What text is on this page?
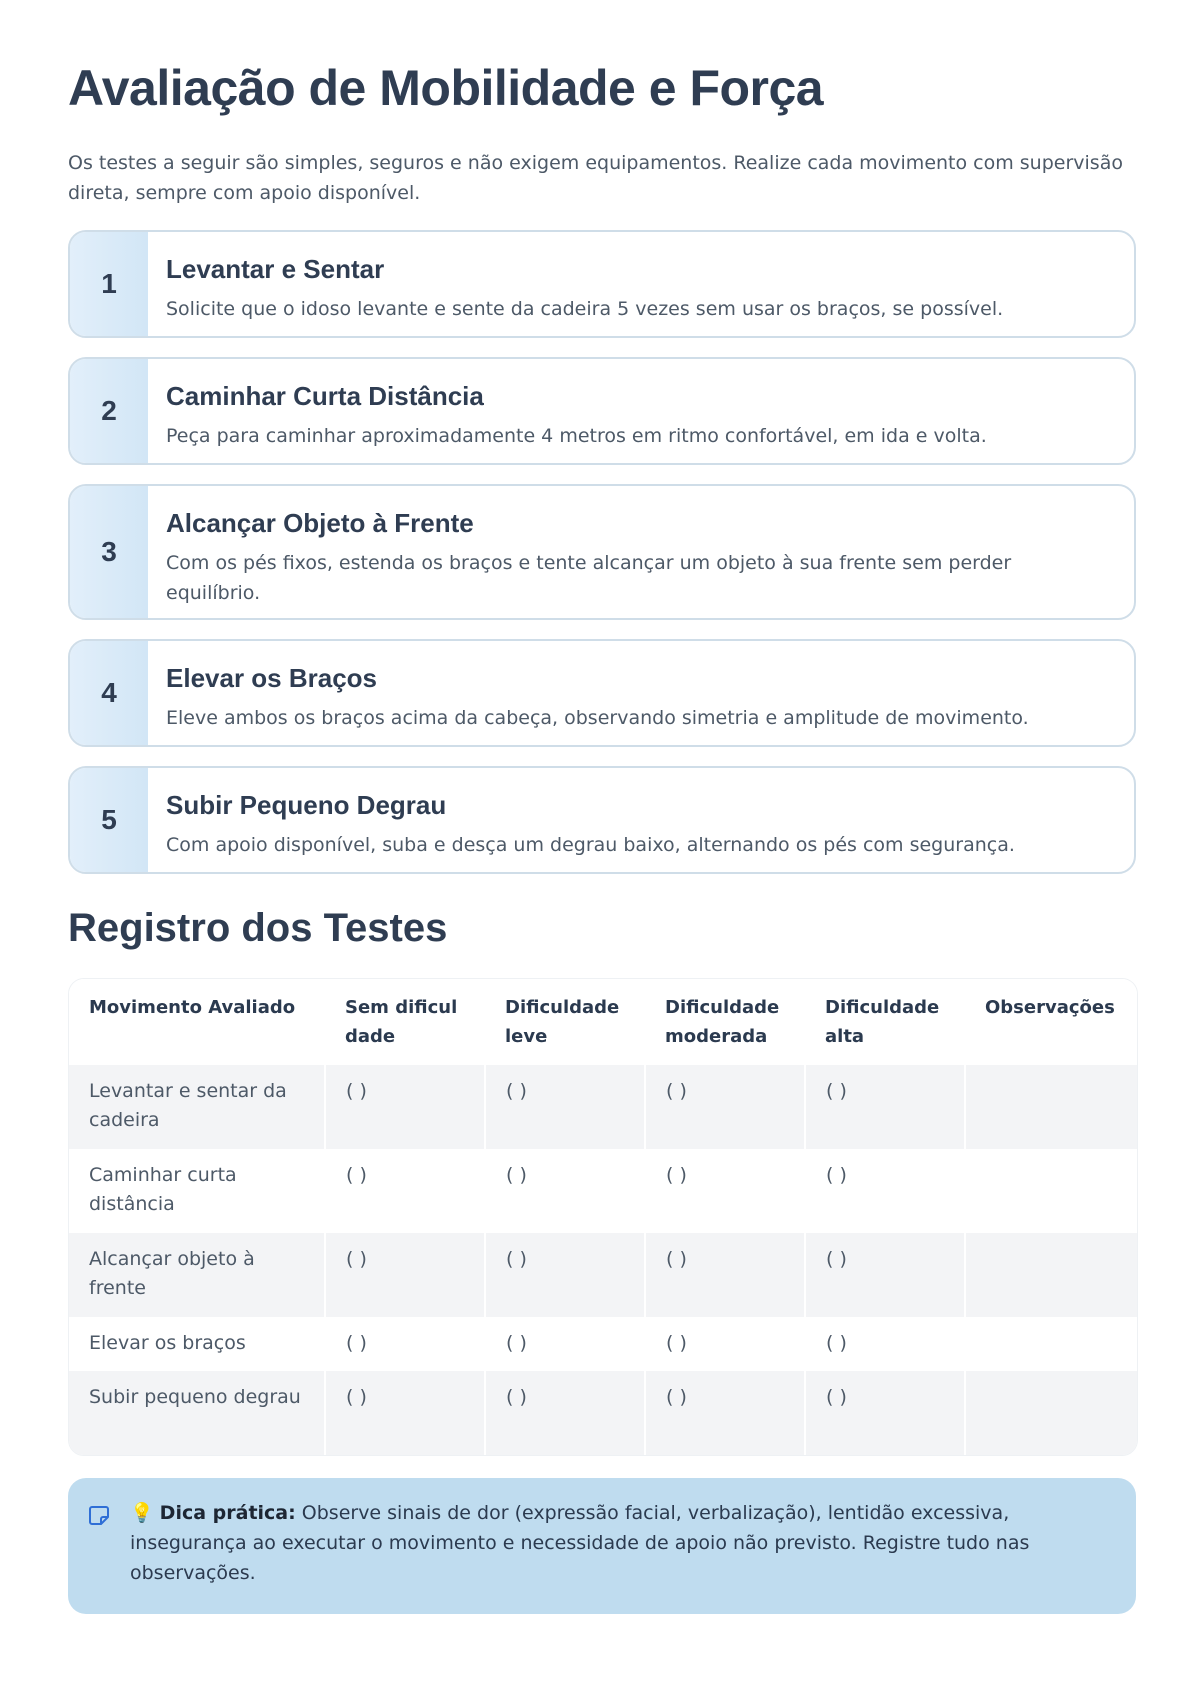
Avaliação de Mobilidade e Força

Os testes a seguir são simples, seguros e não exigem equipamentos. Realize cada movimento com supervisão direta, sempre com apoio disponível.

1	Levantar e Sentar

Solicite que o idoso levante e sente da cadeira 5 vezes sem usar os braços, se possível.

2	Caminhar Curta Distância

Peça para caminhar aproximadamente 4 metros em ritmo confortável, em ida e volta.

3
Alcançar Objeto à Frente

Com os pés fixos, estenda os braços e tente alcançar um objeto à sua frente sem perder equilíbrio.

4	Elevar os Braços

Eleve ambos os braços acima da cabeça, observando simetria e amplitude de movimento.

5	Subir Pequeno Degrau

Com apoio disponível, suba e desça um degrau baixo, alternando os pés com segurança.

Registro dos Testes
Movimento Avaliado	Sem dificuldade	Dificuldade leve	Dificuldade moderada	Dificuldade alta	Observações
Levantar e sentar da cadeira	( )	( )	( )	( )	
Caminhar curta distância	( )	( )	( )	( )	
Alcançar objeto à frente	( )	( )	( )	( )	
Elevar os braços	( )	( )	( )	( )	
Subir pequeno degrau	( )	( )	( )	( )	
💡 Dica prática: Observe sinais de dor (expressão facial, verbalização), lentidão excessiva, insegurança ao executar o movimento e necessidade de apoio não previsto. Registre tudo nas observações.
